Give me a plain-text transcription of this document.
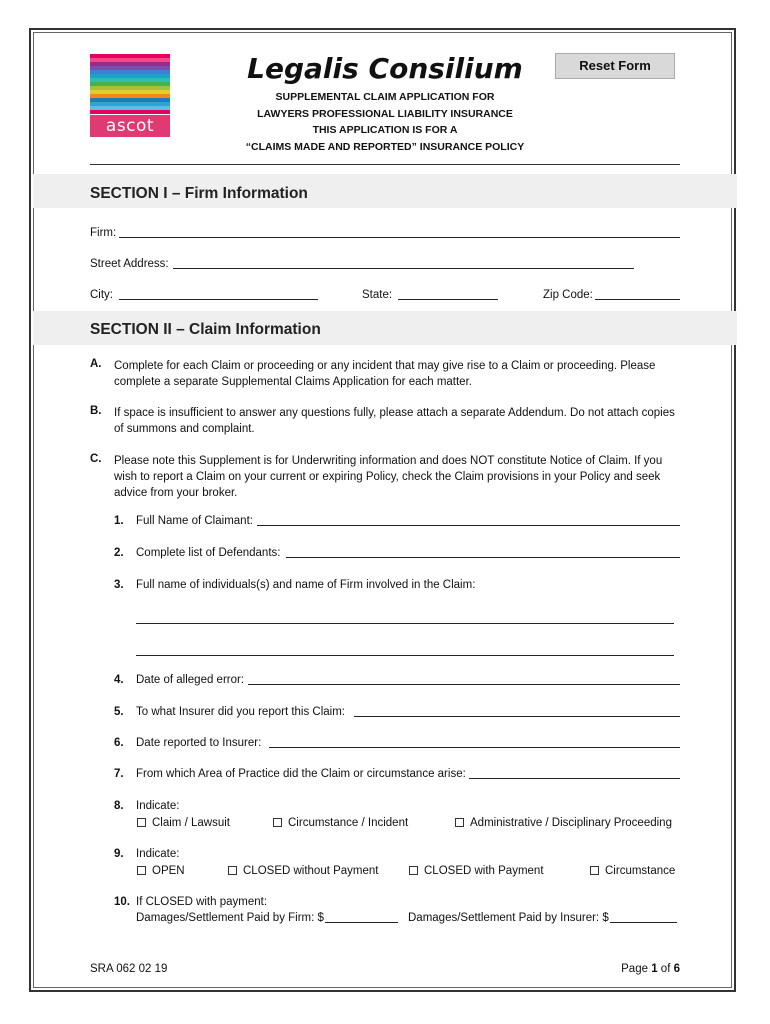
ascot
Legalis Consilium
SUPPLEMENTAL CLAIM APPLICATION FOR
LAWYERS PROFESSIONAL LIABILITY INSURANCE
THIS APPLICATION IS FOR A
“CLAIMS MADE AND REPORTED” INSURANCE POLICY
Reset Form
SECTION I – Firm Information
Firm:
Street Address:
City:	State:	Zip Code:
SECTION II – Claim Information
A. Complete for each Claim or proceeding or any incident that may give rise to a Claim or proceeding. Please complete a separate Supplemental Claims Application for each matter.
B. If space is insufficient to answer any questions fully, please attach a separate Addendum. Do not attach copies of summons and complaint.
C. Please note this Supplement is for Underwriting information and does NOT constitute Notice of Claim. If you wish to report a Claim on your current or expiring Policy, check the Claim provisions in your Policy and seek advice from your broker.
1. Full Name of Claimant:
2. Complete list of Defendants:
3. Full name of individuals(s) and name of Firm involved in the Claim:
4. Date of alleged error:
5. To what Insurer did you report this Claim:
6. Date reported to Insurer:
7. From which Area of Practice did the Claim or circumstance arise:
8. Indicate:
Claim / Lawsuit	Circumstance / Incident	Administrative / Disciplinary Proceeding
9. Indicate:
OPEN	CLOSED without Payment	CLOSED with Payment	Circumstance
10. If CLOSED with payment:
Damages/Settlement Paid by Firm: $	Damages/Settlement Paid by Insurer: $
SRA 062 02 19	Page 1 of 6
